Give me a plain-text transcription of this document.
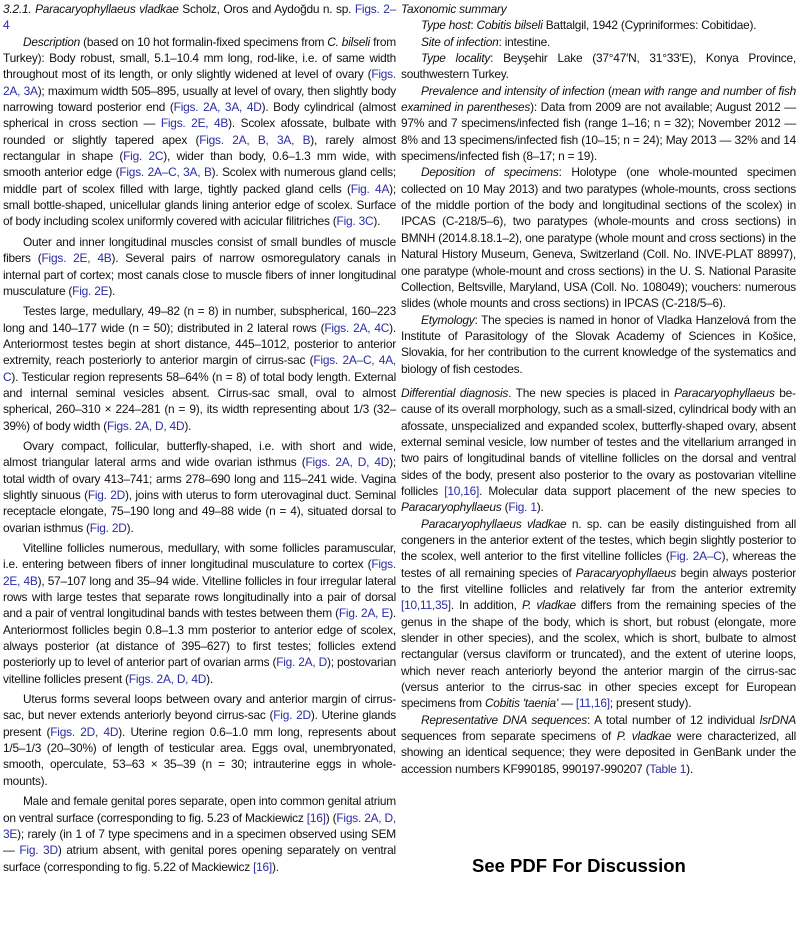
3.2.1. Paracaryophyllaeus vladkae Scholz, Oros and Aydoğdu n. sp. Figs. 2–4

Description (based on 10 hot formalin-fixed specimens from C. bilseli from Turkey): Body robust, small, 5.1–10.4 mm long, rod-like, i.e. of same width throughout most of its length, or only slightly widened at level of ovary (Figs. 2A, 3A); maximum width 505–895, usually at level of ovary, then slightly body narrowing toward posterior end (Figs. 2A, 3A, 4D). Body cylindrical (almost spherical in cross section — Figs. 2E, 4B). Scolex afossate, bulbate with rounded or slightly tapered apex (Figs. 2A, B, 3A, B), rarely almost rectangular in shape (Fig. 2C), wider than body, 0.6–1.3 mm wide, with smooth anterior edge (Figs. 2A–C, 3A, B). Scolex with numerous gland cells; middle part of scolex filled with large, tightly packed gland cells (Fig. 4A); small bottle-shaped, unicellular glands lining anterior edge of scolex. Surface of body including scolex uniformly covered with acicular filitriches (Fig. 3C).

Outer and inner longitudinal muscles consist of small bundles of muscle fibers (Figs. 2E, 4B). Several pairs of narrow osmoregulatory canals in internal part of cortex; most canals close to muscle fibers of inner longitudinal musculature (Fig. 2E).

Testes large, medullary, 49–82 (n = 8) in number, subspherical, 160–223 long and 140–177 wide (n = 50); distributed in 2 lateral rows (Figs. 2A, 4C). Anteriormost testes begin at short distance, 445–1012, posterior to anterior extremity, reach posteriorly to anterior margin of cirrus-sac (Figs. 2A–C, 4A, C). Testicular region represents 58–64% (n = 8) of total body length. External and internal seminal vesicles absent. Cirrus-sac small, oval to almost spherical, 260–310 × 224–281 (n = 9), its width representing about 1/3 (32–39%) of body width (Figs. 2A, D, 4D).

Ovary compact, follicular, butterfly-shaped, i.e. with short and wide, almost triangular lateral arms and wide ovarian isthmus (Figs. 2A, D, 4D); total width of ovary 413–741; arms 278–690 long and 115–241 wide. Vagina slightly sinuous (Fig. 2D), joins with uterus to form uterovaginal duct. Seminal receptacle elongate, 75–190 long and 49–88 wide (n = 4), situated dorsal to ovarian isthmus (Fig. 2D).

Vitelline follicles numerous, medullary, with some follicles paramuscular, i.e. entering between fibers of inner longitudinal musculature to cortex (Figs. 2E, 4B), 57–107 long and 35–94 wide. Vitelline follicles in four irregular lateral rows with large testes that separate rows longitudinally into a pair of dorsal and a pair of ventral longitudinal bands with testes between them (Fig. 2A, E). Anteriormost follicles begin 0.8–1.3 mm posterior to anterior edge of scolex, always posterior (at distance of 395–627) to first testes; follicles extend posteriorly up to level of anterior part of ovarian arms (Fig. 2A, D); postovarian vitelline follicles present (Figs. 2A, D, 4D).

Uterus forms several loops between ovary and anterior margin of cirrus-sac, but never extends anteriorly beyond cirrus-sac (Fig. 2D). Uterine glands present (Figs. 2D, 4D). Uterine region 0.6–1.0 mm long, represents about 1/5–1/3 (20–30%) of length of testicular area. Eggs oval, unembryonated, smooth, operculate, 53–63 × 35–39 (n = 30; intrauterine eggs in whole-mounts).

Male and female genital pores separate, open into common genital atrium on ventral surface (corresponding to fig. 5.23 of Mackiewicz [16]) (Figs. 2A, D, 3E); rarely (in 1 of 7 type specimens and in a specimen observed using SEM — Fig. 3D) atrium absent, with genital pores opening separately on ventral surface (corresponding to fig. 5.22 of Mackiewicz [16]).

Taxonomic summary

Type host: Cobitis bilseli Battalgil, 1942 (Cypriniformes: Cobitidae).

Site of infection: intestine.

Type locality: Beyşehir Lake (37°47′N, 31°33′E), Konya Province, southwestern Turkey.

Prevalence and intensity of infection (mean with range and number of fish examined in parentheses): Data from 2009 are not available; August 2012 — 97% and 7 specimens/infected fish (range 1–16; n = 32); November 2012 — 8% and 13 specimens/infected fish (10–15; n = 24); May 2013 — 32% and 14 specimens/infected fish (8–17; n = 19).

Deposition of specimens: Holotype (one whole-mounted specimen collected on 10 May 2013) and two paratypes (whole-mounts, cross sections of the middle portion of the body and longitudinal sections of the scolex) in IPCAS (C-218/5–6), two paratypes (whole-mounts and cross sections) in BMNH (2014.8.18.1–2), one paratype (whole mount and cross sections) in the Natural History Museum, Geneva, Switzerland (Coll. No. INVE-PLAT 88997), one paratype (whole-mount and cross sections) in the U. S. National Parasite Collection, Beltsville, Maryland, USA (Coll. No. 108049); vouchers: numerous slides (whole mounts and cross sections) in IPCAS (C-218/5–6).

Etymology: The species is named in honor of Vladka Hanzelová from the Institute of Parasitology of the Slovak Academy of Sciences in Košice, Slovakia, for her contribution to the current knowledge of the systematics and biology of fish cestodes.

Differential diagnosis. The new species is placed in Paracaryophyllaeus because of its overall morphology, such as a small-sized, cylindrical body with an afossate, unspecialized and expanded scolex, butterfly-shaped ovary, absent external seminal vesicle, low number of testes and the vitellarium arranged in two pairs of longitudinal bands of vitelline follicles on the dorsal and ventral sides of the body, present also posterior to the ovary as postovarian vitelline follicles [10,16]. Molecular data support placement of the new species to Paracaryophyllaeus (Fig. 1).

Paracaryophyllaeus vladkae n. sp. can be easily distinguished from all congeners in the anterior extent of the testes, which begin slightly posterior to the scolex, well anterior to the first vitelline follicles (Fig. 2A–C), whereas the testes of all remaining species of Paracaryophyllaeus begin always posterior to the first vitelline follicles and relatively far from the anterior extremity [10,11,35]. In addition, P. vladkae differs from the remaining species of the genus in the shape of the body, which is short, but robust (elongate, more slender in other species), and the scolex, which is short, bulbate to almost rectangular (versus claviform or truncated), and the extent of uterine loops, which never reach anteriorly beyond the anterior margin of the cirrus-sac (versus anterior to the cirrus-sac in other species except for European specimens from Cobitis 'taenia' — [11,16]; present study).

Representative DNA sequences: A total number of 12 individual lsrDNA sequences from separate specimens of P. vladkae were characterized, all showing an identical sequence; they were deposited in GenBank under the accession numbers KF990185, 990197-990207 (Table 1).

See PDF For Discussion
